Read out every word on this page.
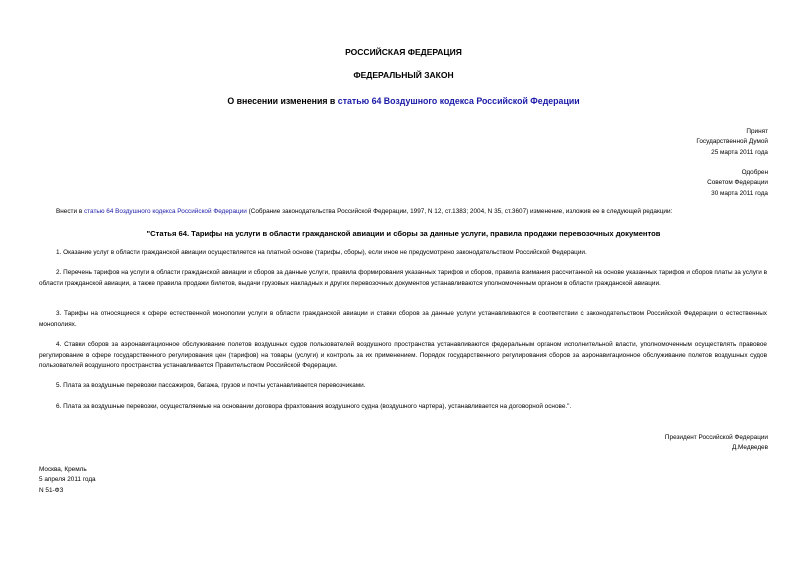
РОССИЙСКАЯ ФЕДЕРАЦИЯ
ФЕДЕРАЛЬНЫЙ ЗАКОН
О внесении изменения в статью 64 Воздушного кодекса Российской Федерации
Принят
Государственной Думой
25 марта 2011 года
Одобрен
Советом Федерации
30 марта 2011 года
Внести в статью 64 Воздушного кодекса Российской Федерации (Собрание законодательства Российской Федерации, 1997, N 12, ст.1383; 2004, N 35, ст.3607) изменение, изложив ее в следующей редакции:
"Статья 64. Тарифы на услуги в области гражданской авиации и сборы за данные услуги, правила продажи перевозочных документов
1. Оказание услуг в области гражданской авиации осуществляется на платной основе (тарифы, сборы), если иное не предусмотрено законодательством Российской Федерации.
2. Перечень тарифов на услуги в области гражданской авиации и сборов за данные услуги, правила формирования указанных тарифов и сборов, правила взимания рассчитанной на основе указанных тарифов и сборов платы за услуги в области гражданской авиации, а также правила продажи билетов, выдачи грузовых накладных и других перевозочных документов устанавливаются уполномоченным органом в области гражданской авиации.
3. Тарифы на относящиеся к сфере естественной монополии услуги в области гражданской авиации и ставки сборов за данные услуги устанавливаются в соответствии с законодательством Российской Федерации о естественных монополиях.
4. Ставки сборов за аэронавигационное обслуживание полетов воздушных судов пользователей воздушного пространства устанавливаются федеральным органом исполнительной власти, уполномоченным осуществлять правовое регулирование в сфере государственного регулирования цен (тарифов) на товары (услуги) и контроль за их применением. Порядок государственного регулирования сборов за аэронавигационное обслуживание полетов воздушных судов пользователей воздушного пространства устанавливается Правительством Российской Федерации.
5. Плата за воздушные перевозки пассажиров, багажа, грузов и почты устанавливается перевозчиками.
6. Плата за воздушные перевозки, осуществляемые на основании договора фрахтования воздушного судна (воздушного чартера), устанавливается на договорной основе.".
Президент Российской Федерации
Д.Медведев
Москва, Кремль
5 апреля 2011 года
N 51-ФЗ
